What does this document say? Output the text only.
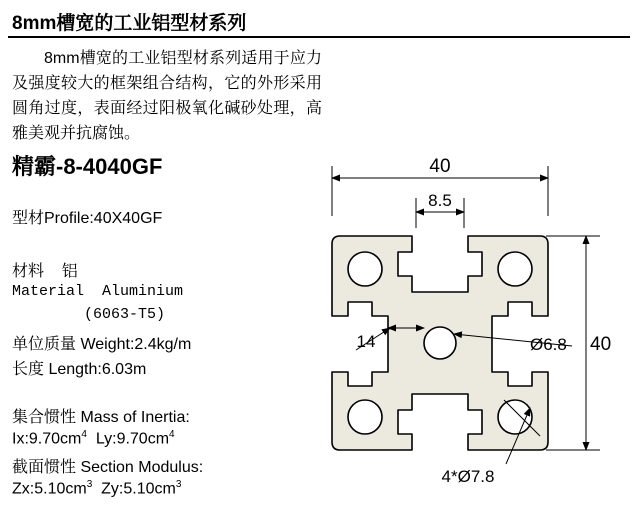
8mm槽宽的工业铝型材系列
8mm槽宽的工业铝型材系列适用于应力及强度较大的框架组合结构，它的外形采用圆角过度，表面经过阳极氧化碱砂处理，高雅美观并抗腐蚀。
精霸-8-4040GF
型材Profile:40X40GF
材料    铝
Material  Aluminium
(6063-T5)
单位质量 Weight:2.4kg/m
长度 Length:6.03m
集合惯性 Mass of Inertia:
$Ix:9.70cm^4$  $Ly:9.70cm^4$
截面惯性 Section Modulus:
$Zx:5.10cm^3$  $Zy:5.10cm^3$
40
8.5
40
14	Ø6.8
4*Ø7.8
